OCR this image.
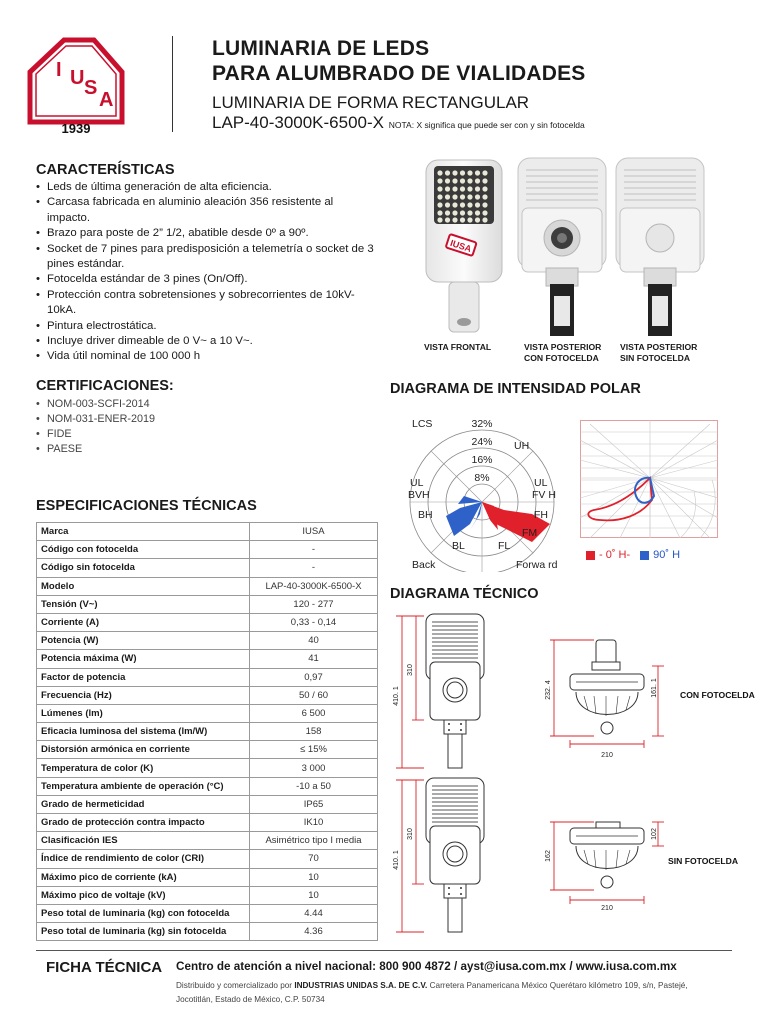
I U S
A
1939
LUMINARIA DE LEDS
PARA ALUMBRADO DE VIALIDADES
LUMINARIA DE FORMA RECTANGULAR
LAP-40-3000K-6500-X NOTA: X significa que puede ser con y sin fotocelda
CARACTERÍSTICAS
• Leds de última generación de alta eficiencia.
• Carcasa fabricada en aluminio aleación 356 resistente al impacto.
• Brazo para poste de 2” 1/2, abatible desde 0º a 90º.
• Socket de 7 pines para predisposición a telemetría o socket de 3 pines estándar.
• Fotocelda estándar de 3 pines (On/Off).
• Protección contra sobretensiones y sobrecorrientes de 10kV-10kA.
• Pintura electrostática.
• Incluye driver dimeable de 0 V~ a 10 V~.
• Vida útil nominal de 100 000 h
CERTIFICACIONES:
• NOM-003-SCFI-2014
• NOM-031-ENER-2019
• FIDE
• PAESE
ESPECIFICACIONES TÉCNICAS
Marca	IUSA
Código con fotocelda	-
Código sin fotocelda	-
Modelo	LAP-40-3000K-6500-X
Tensión (V~)	120 - 277
Corriente (A)	0,33 - 0,14
Potencia (W)	40
Potencia máxima (W)	41
Factor de potencia	0,97
Frecuencia (Hz)	50 / 60
Lúmenes (lm)	6 500
Eficacia luminosa del sistema (lm/W)	158
Distorsión armónica en corriente	≤ 15%
Temperatura de color (K)	3 000
Temperatura ambiente de operación (°C)	-10 a 50
Grado de hermeticidad	IP65
Grado de protección contra impacto	IK10
Clasificación IES	Asimétrico tipo I media
Índice de rendimiento de color (CRI)	70
Máximo pico de corriente (kA)	10
Máximo pico de voltaje (kV)	10
Peso total de luminaria (kg) con fotocelda	4.44
Peso total de luminaria (kg) sin fotocelda	4.36
IUSA
VISTA FRONTAL	VISTA POSTERIOR
CON FOTOCELDA
VISTA POSTERIOR
SIN FOTOCELDA
DIAGRAMA DE INTENSIDAD POLAR
32%
24%
16%
8%
LCS
UH
UL	UL
BVH	FV H
BH	FH
BL	FL
FM
Back	Forwa rd
- 0˚ H- 90˚ H
DIAGRAMA TÉCNICO
410. 1
310
410. 1
310
232. 4	161. 1
210
CON FOTOCELDA
162
102
210
SIN FOTOCELDA
FICHA TÉCNICA Centro de atención a nivel nacional: 800 900 4872 / ayst@iusa.com.mx / www.iusa.com.mx
Distribuido y comercializado por INDUSTRIAS UNIDAS S.A. DE C.V. Carretera Panamericana México Querétaro kilómetro 109, s/n, Pastejé, Jocotitlán, Estado de México, C.P. 50734
